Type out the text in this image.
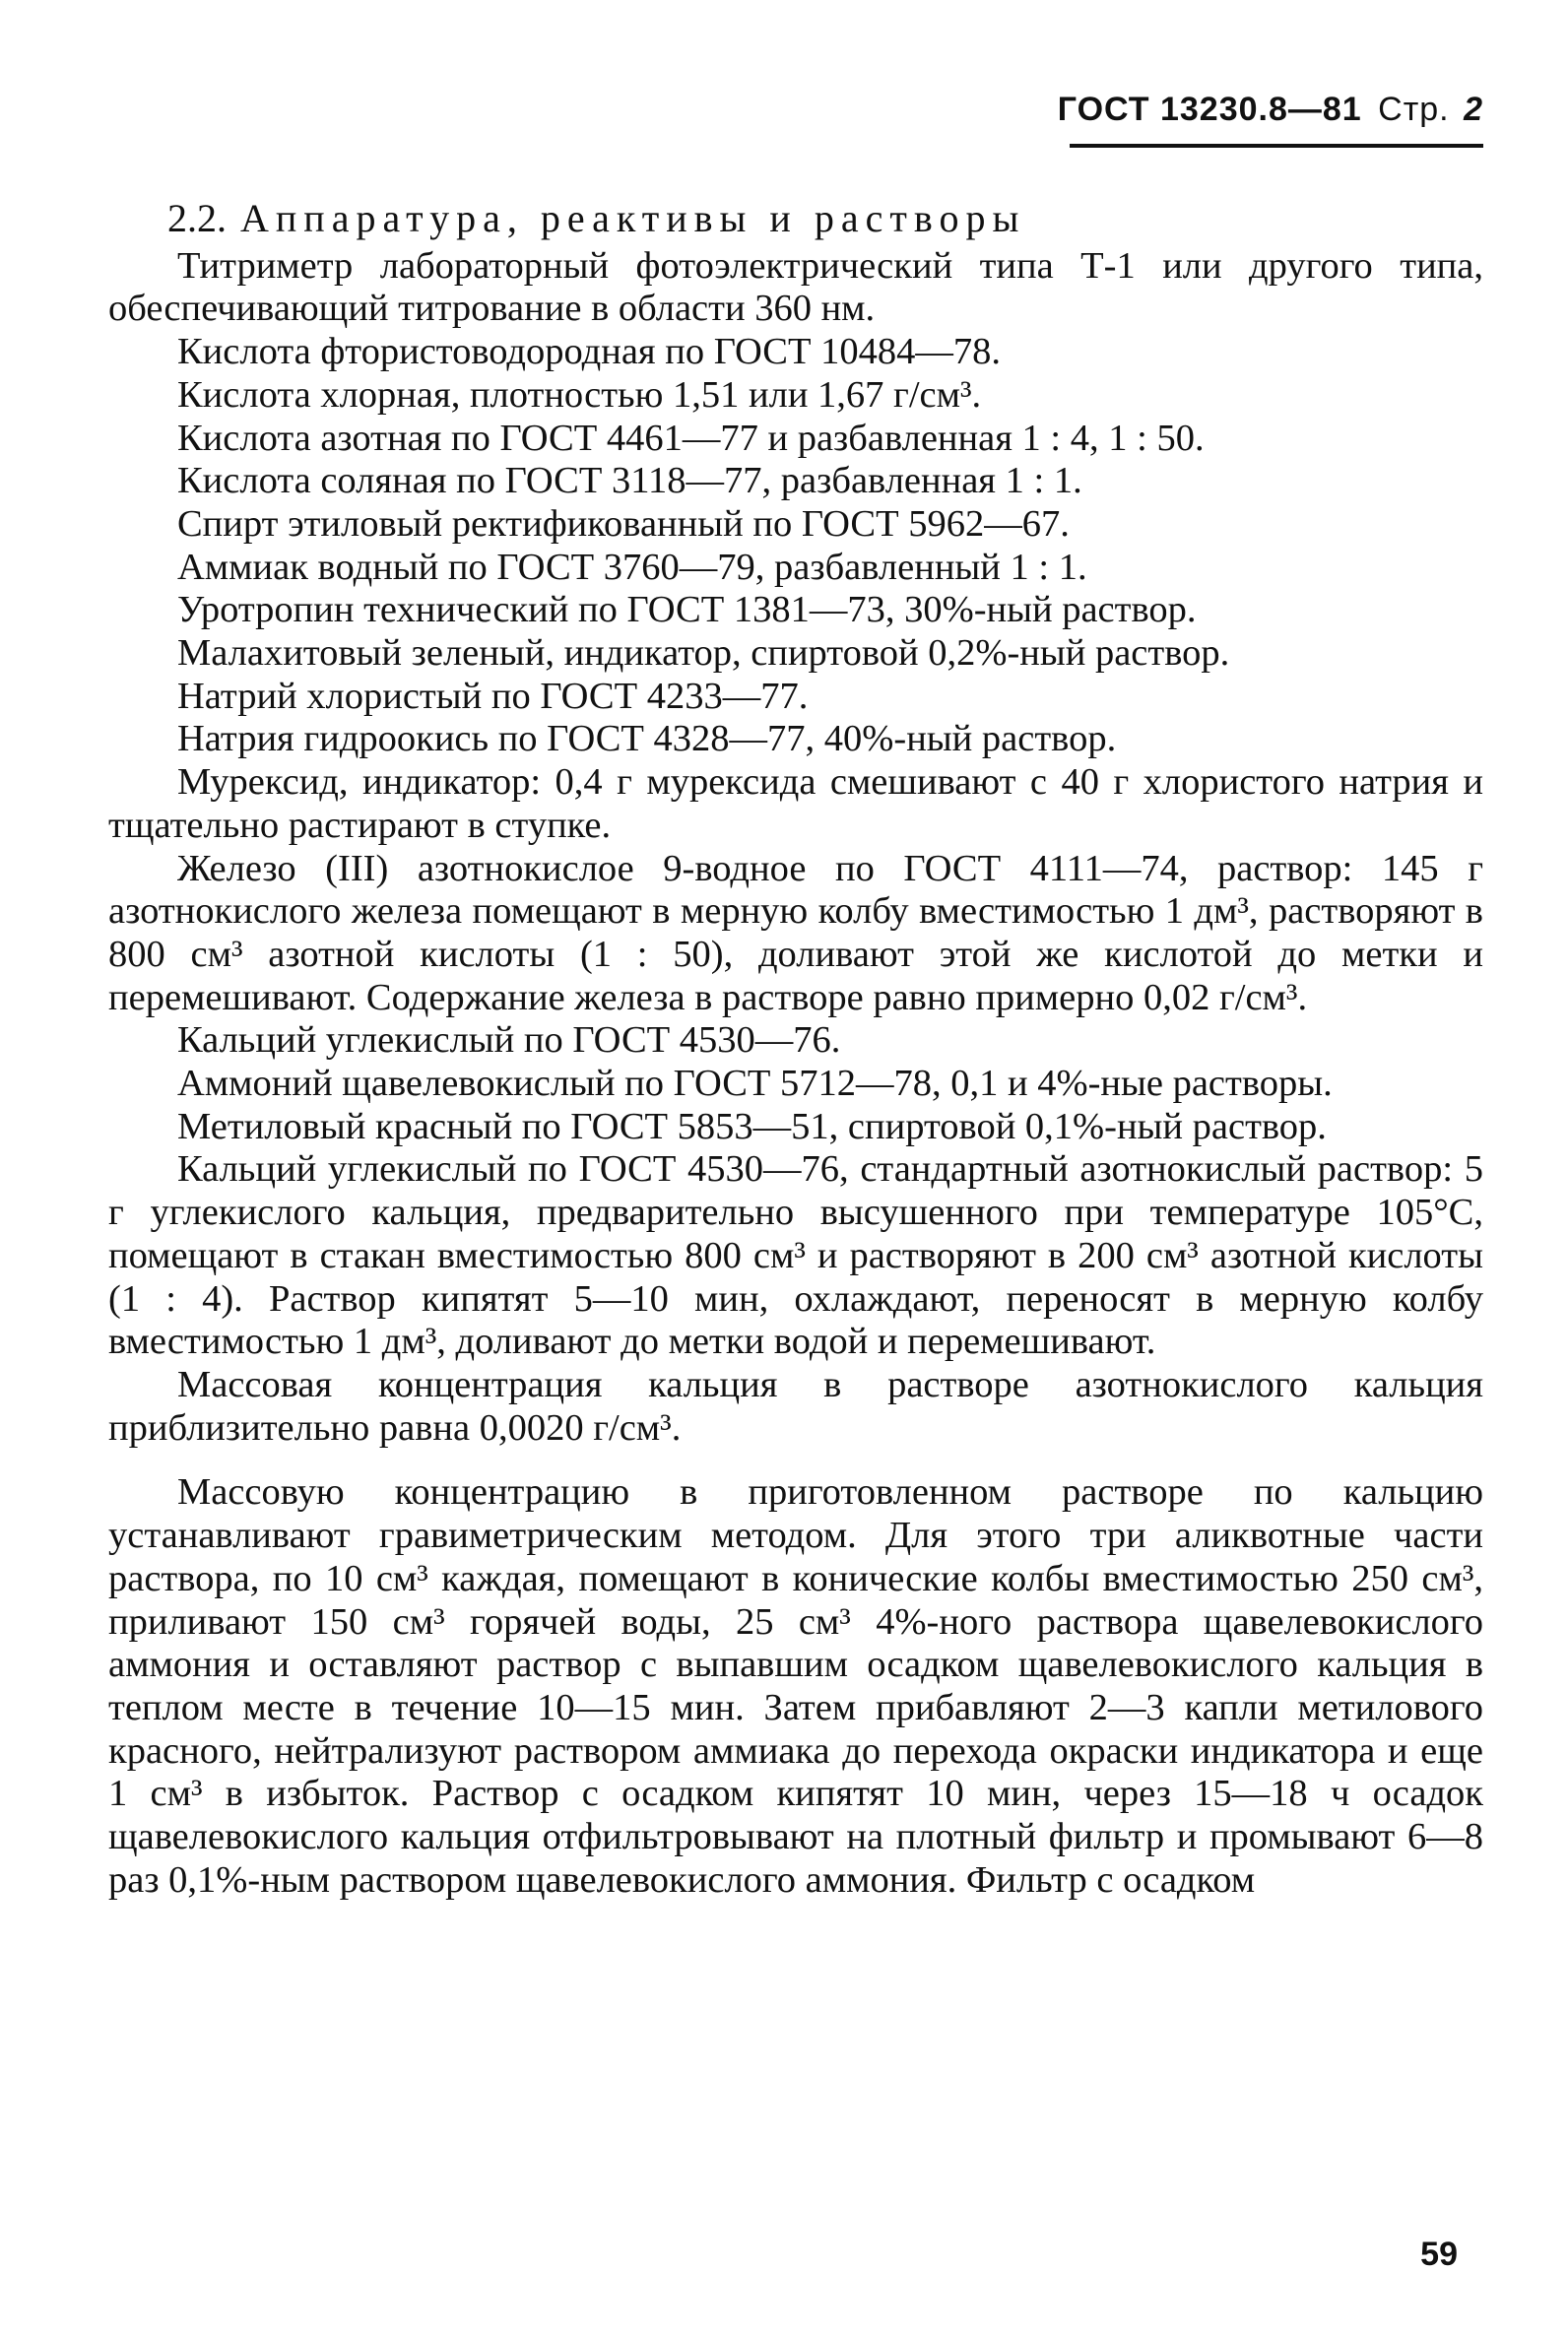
ГОСТ 13230.8—81 Стр. 2
2.2. Аппаратура, реактивы и растворы

Титриметр лабораторный фотоэлектрический типа Т-1 или другого типа, обеспечивающий титрование в области 360 нм.

Кислота фтористоводородная по ГОСТ 10484—78.

Кислота хлорная, плотностью 1,51 или 1,67 г/см³.

Кислота азотная по ГОСТ 4461—77 и разбавленная 1 : 4, 1 : 50.

Кислота соляная по ГОСТ 3118—77, разбавленная 1 : 1.

Спирт этиловый ректификованный по ГОСТ 5962—67.

Аммиак водный по ГОСТ 3760—79, разбавленный 1 : 1.

Уротропин технический по ГОСТ 1381—73, 30%-ный раствор.

Малахитовый зеленый, индикатор, спиртовой 0,2%-ный раствор.

Натрий хлористый по ГОСТ 4233—77.

Натрия гидроокись по ГОСТ 4328—77, 40%-ный раствор.

Мурексид, индикатор: 0,4 г мурексида смешивают с 40 г хлористого натрия и тщательно растирают в ступке.

Железо (III) азотнокислое 9-водное по ГОСТ 4111—74, раствор: 145 г азотнокислого железа помещают в мерную колбу вместимостью 1 дм³, растворяют в 800 см³ азотной кислоты (1 : 50), доливают этой же кислотой до метки и перемешивают. Содержание железа в растворе равно примерно 0,02 г/см³.

Кальций углекислый по ГОСТ 4530—76.

Аммоний щавелевокислый по ГОСТ 5712—78, 0,1 и 4%-ные растворы.

Метиловый красный по ГОСТ 5853—51, спиртовой 0,1%-ный раствор.

Кальций углекислый по ГОСТ 4530—76, стандартный азотнокислый раствор: 5 г углекислого кальция, предварительно высушенного при температуре 105°С, помещают в стакан вместимостью 800 см³ и растворяют в 200 см³ азотной кислоты (1 : 4). Раствор кипятят 5—10 мин, охлаждают, переносят в мерную колбу вместимостью 1 дм³, доливают до метки водой и перемешивают.

Массовая концентрация кальция в растворе азотнокислого кальция приблизительно равна 0,0020 г/см³.

Массовую концентрацию в приготовленном растворе по кальцию устанавливают гравиметрическим методом. Для этого три аликвотные части раствора, по 10 см³ каждая, помещают в конические колбы вместимостью 250 см³, приливают 150 см³ горячей воды, 25 см³ 4%-ного раствора щавелевокислого аммония и оставляют раствор с выпавшим осадком щавелевокислого кальция в теплом месте в течение 10—15 мин. Затем прибавляют 2—3 капли метилового красного, нейтрализуют раствором аммиака до перехода окраски индикатора и еще 1 см³ в избыток. Раствор с осадком кипятят 10 мин, через 15—18 ч осадок щавелевокислого кальция отфильтровывают на плотный фильтр и промывают 6—8 раз 0,1%-ным раствором щавелевокислого аммония. Фильтр с осадком

59
